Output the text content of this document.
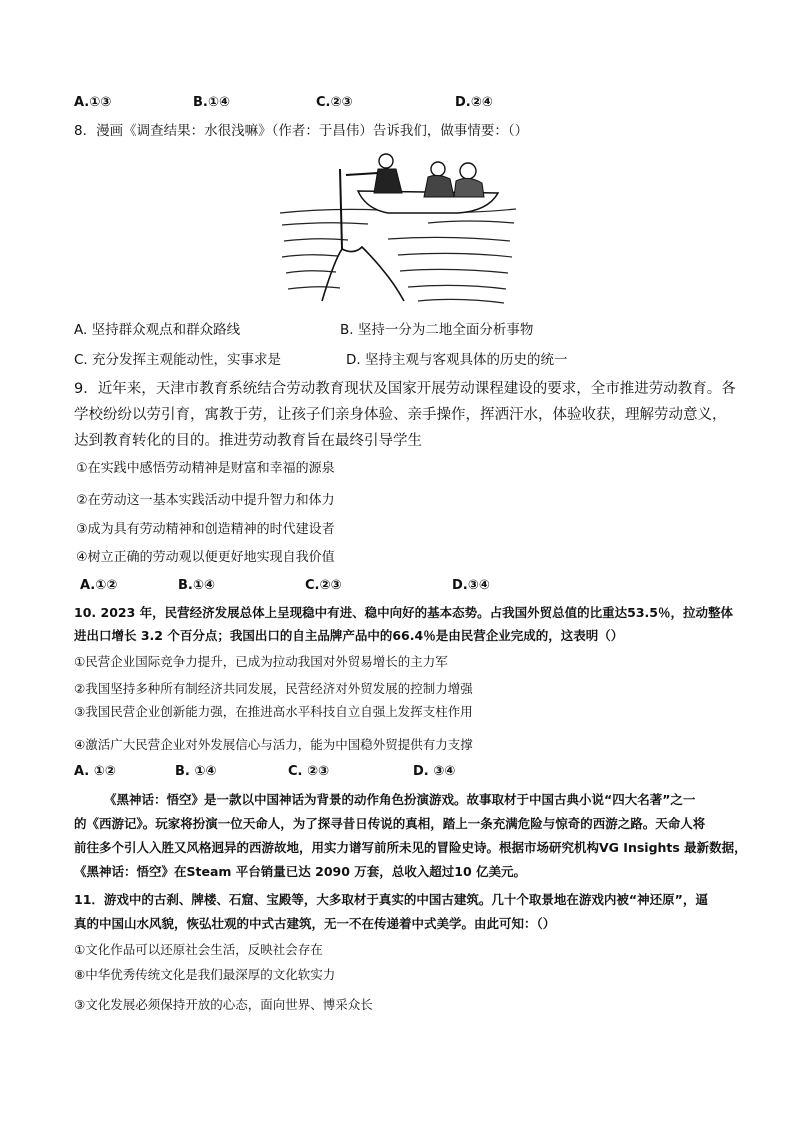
A.①③	B.①④	C.②③	D.②④
8．漫画《调查结果：水很浅嘛》（作者：于昌伟）告诉我们，做事情要：（）
A. 坚持群众观点和群众路线	B. 坚持一分为二地全面分析事物
C. 充分发挥主观能动性，实事求是	D. 坚持主观与客观具体的历史的统一
9．近年来，天津市教育系统结合劳动教育现状及国家开展劳动课程建设的要求，全市推进劳动教育。各
学校纷纷以劳引育，寓教于劳，让孩子们亲身体验、亲手操作，挥洒汗水，体验收获，理解劳动意义，
达到教育转化的目的。推进劳动教育旨在最终引导学生
①在实践中感悟劳动精神是财富和幸福的源泉
②在劳动这一基本实践活动中提升智力和体力
③成为具有劳动精神和创造精神的时代建设者
④树立正确的劳动观以便更好地实现自我价值
A.①②	B.①④	C.②③	D.③④
10. 2023 年，民营经济发展总体上呈现稳中有进、稳中向好的基本态势。占我国外贸总值的比重达53.5％，拉动整体
进出口增长 3.2 个百分点；我国出口的自主品牌产品中的66.4％是由民营企业完成的，这表明（）
①民营企业国际竞争力提升，已成为拉动我国对外贸易增长的主力军
②我国坚持多种所有制经济共同发展，民营经济对外贸发展的控制力增强
③我国民营企业创新能力强，在推进高水平科技自立自强上发挥支柱作用
④激活广大民营企业对外发展信心与活力，能为中国稳外贸提供有力支撑
A. ①②	B. ①④	C. ②③	D. ③④
《黑神话：悟空》是一款以中国神话为背景的动作角色扮演游戏。故事取材于中国古典小说“四大名著”之一
的《西游记》。玩家将扮演一位天命人，为了探寻昔日传说的真相，踏上一条充满危险与惊奇的西游之路。天命人将
前往多个引人入胜又风格迥异的西游故地，用实力谱写前所未见的冒险史诗。根据市场研究机构VG Insights 最新数据，
《黑神话：悟空》在Steam 平台销量已达 2090 万套，总收入超过10 亿美元。
11．游戏中的古刹、牌楼、石窟、宝殿等，大多取材于真实的中国古建筑。几十个取景地在游戏内被“神还原”，逼
真的中国山水风貌，恢弘壮观的中式古建筑，无一不在传递着中式美学。由此可知：（）
①文化作品可以还原社会生活，反映社会存在
⑧中华优秀传统文化是我们最深厚的文化软实力
③文化发展必须保持开放的心态，面向世界、博采众长
